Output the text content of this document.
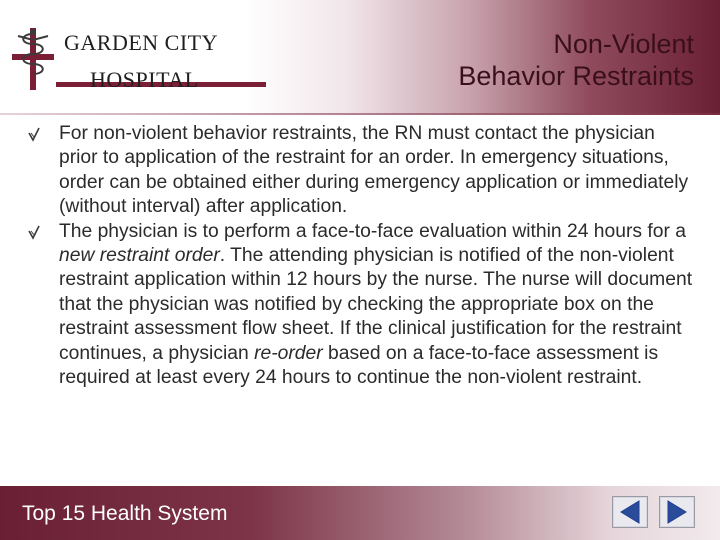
GARDEN CITY
HOSPITAL
Non-Violent
Behavior Restraints
For non-violent behavior restraints, the RN must contact the physician prior to application of the restraint for an order. In emergency situations, order can be obtained either during emergency application or immediately (without interval) after application.
The physician is to perform a face-to-face evaluation within 24 hours for a new restraint order. The attending physician is notified of the non-violent restraint application within 12 hours by the nurse. The nurse will document that the physician was notified by checking the appropriate box on the restraint assessment flow sheet. If the clinical justification for the restraint continues, a physician re-order based on a face-to-face assessment is required at least every 24 hours to continue the non-violent restraint.
Top 15 Health System
